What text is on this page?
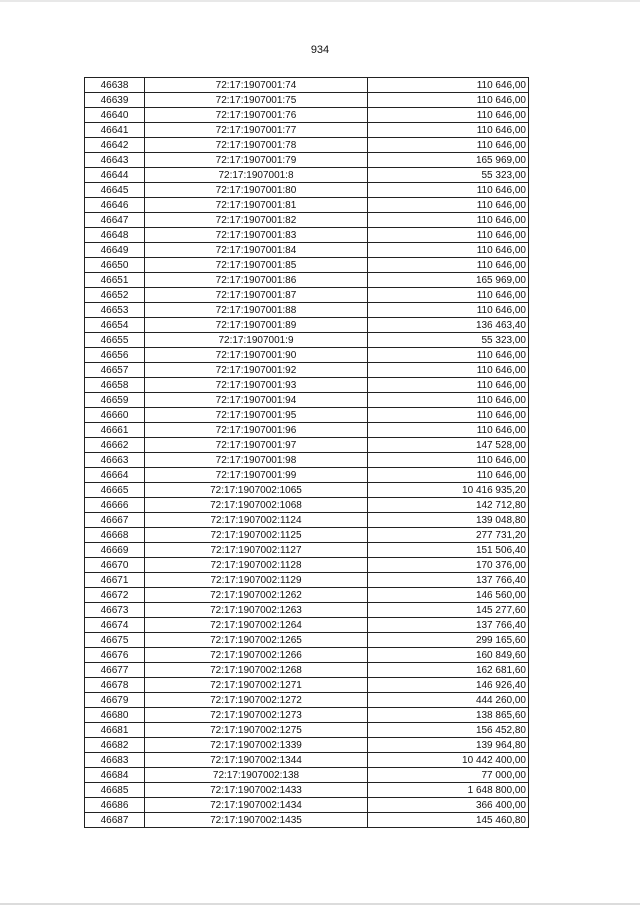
934
46638	72:17:1907001:74	110 646,00
46639	72:17:1907001:75	110 646,00
46640	72:17:1907001:76	110 646,00
46641	72:17:1907001:77	110 646,00
46642	72:17:1907001:78	110 646,00
46643	72:17:1907001:79	165 969,00
46644	72:17:1907001:8	55 323,00
46645	72:17:1907001:80	110 646,00
46646	72:17:1907001:81	110 646,00
46647	72:17:1907001:82	110 646,00
46648	72:17:1907001:83	110 646,00
46649	72:17:1907001:84	110 646,00
46650	72:17:1907001:85	110 646,00
46651	72:17:1907001:86	165 969,00
46652	72:17:1907001:87	110 646,00
46653	72:17:1907001:88	110 646,00
46654	72:17:1907001:89	136 463,40
46655	72:17:1907001:9	55 323,00
46656	72:17:1907001:90	110 646,00
46657	72:17:1907001:92	110 646,00
46658	72:17:1907001:93	110 646,00
46659	72:17:1907001:94	110 646,00
46660	72:17:1907001:95	110 646,00
46661	72:17:1907001:96	110 646,00
46662	72:17:1907001:97	147 528,00
46663	72:17:1907001:98	110 646,00
46664	72:17:1907001:99	110 646,00
46665	72:17:1907002:1065	10 416 935,20
46666	72:17:1907002:1068	142 712,80
46667	72:17:1907002:1124	139 048,80
46668	72:17:1907002:1125	277 731,20
46669	72:17:1907002:1127	151 506,40
46670	72:17:1907002:1128	170 376,00
46671	72:17:1907002:1129	137 766,40
46672	72:17:1907002:1262	146 560,00
46673	72:17:1907002:1263	145 277,60
46674	72:17:1907002:1264	137 766,40
46675	72:17:1907002:1265	299 165,60
46676	72:17:1907002:1266	160 849,60
46677	72:17:1907002:1268	162 681,60
46678	72:17:1907002:1271	146 926,40
46679	72:17:1907002:1272	444 260,00
46680	72:17:1907002:1273	138 865,60
46681	72:17:1907002:1275	156 452,80
46682	72:17:1907002:1339	139 964,80
46683	72:17:1907002:1344	10 442 400,00
46684	72:17:1907002:138	77 000,00
46685	72:17:1907002:1433	1 648 800,00
46686	72:17:1907002:1434	366 400,00
46687	72:17:1907002:1435	145 460,80
